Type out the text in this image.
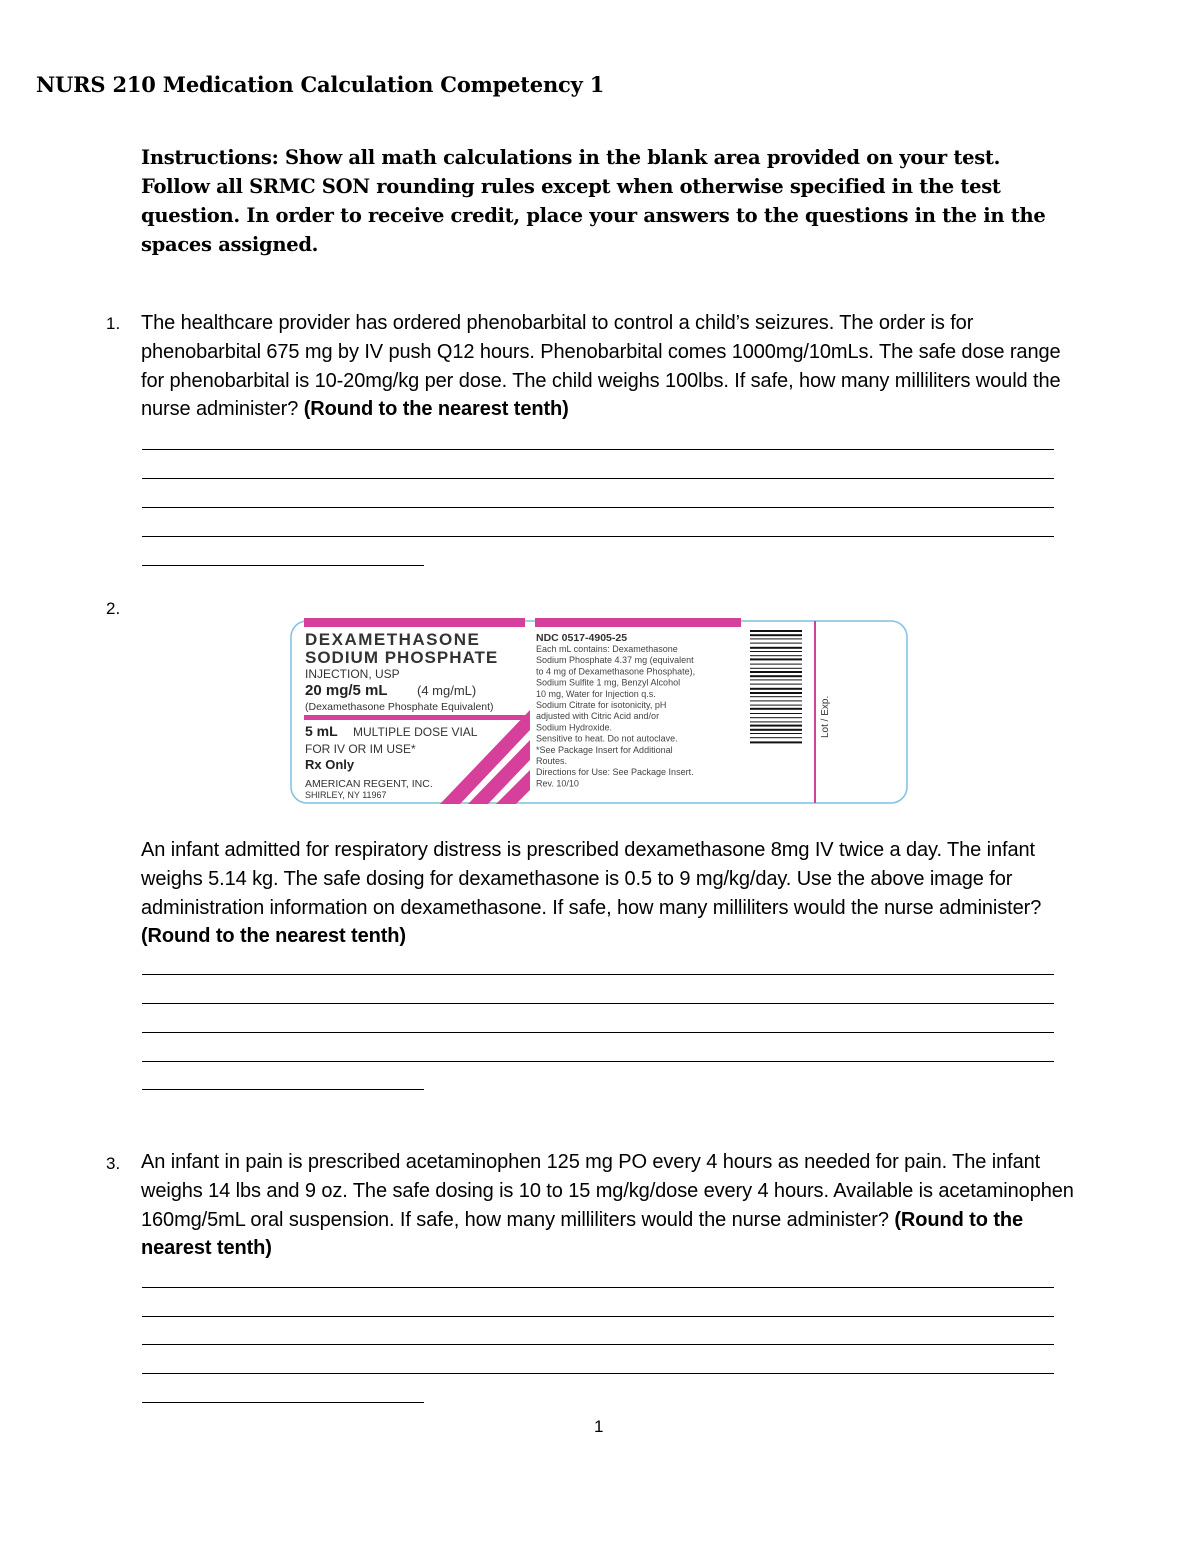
NURS 210 Medication Calculation Competency 1

Instructions: Show all math calculations in the blank area provided on your test. Follow all SRMC SON rounding rules except when otherwise specified in the test question. In order to receive credit, place your answers to the questions in the in the spaces assigned.

1. The healthcare provider has ordered phenobarbital to control a child’s seizures. The order is for phenobarbital 675 mg by IV push Q12 hours. Phenobarbital comes 1000mg/10mLs. The safe dose range for phenobarbital is 10-20mg/kg per dose. The child weighs 100lbs. If safe, how many milliliters would the nurse administer? (Round to the nearest tenth)

2.
DEXAMETHASONE
SODIUM PHOSPHATE
INJECTION, USP
20 mg/5 mL (4 mg/mL)
(Dexamethasone Phosphate Equivalent)
5 mL MULTIPLE DOSE VIAL
FOR IV OR IM USE*
Rx Only
AMERICAN REGENT, INC.
SHIRLEY, NY 11967
NDC 0517-4905-25
Each mL contains: Dexamethasone
Sodium Phosphate 4.37 mg (equivalent
to 4 mg of Dexamethasone Phosphate),
Sodium Sulfite 1 mg, Benzyl Alcohol
10 mg, Water for Injection q.s.
Sodium Citrate for isotonicity, pH
adjusted with Citric Acid and/or
Sodium Hydroxide.
Sensitive to heat. Do not autoclave.
*See Package Insert for Additional
Routes.
Directions for Use: See Package Insert.
Rev. 10/10
Lot / Exp.

An infant admitted for respiratory distress is prescribed dexamethasone 8mg IV twice a day. The infant weighs 5.14 kg. The safe dosing for dexamethasone is 0.5 to 9 mg/kg/day. Use the above image for administration information on dexamethasone. If safe, how many milliliters would the nurse administer? (Round to the nearest tenth)

3. An infant in pain is prescribed acetaminophen 125 mg PO every 4 hours as needed for pain. The infant weighs 14 lbs and 9 oz. The safe dosing is 10 to 15 mg/kg/dose every 4 hours. Available is acetaminophen 160mg/5mL oral suspension. If safe, how many milliliters would the nurse administer? (Round to the nearest tenth)

1
